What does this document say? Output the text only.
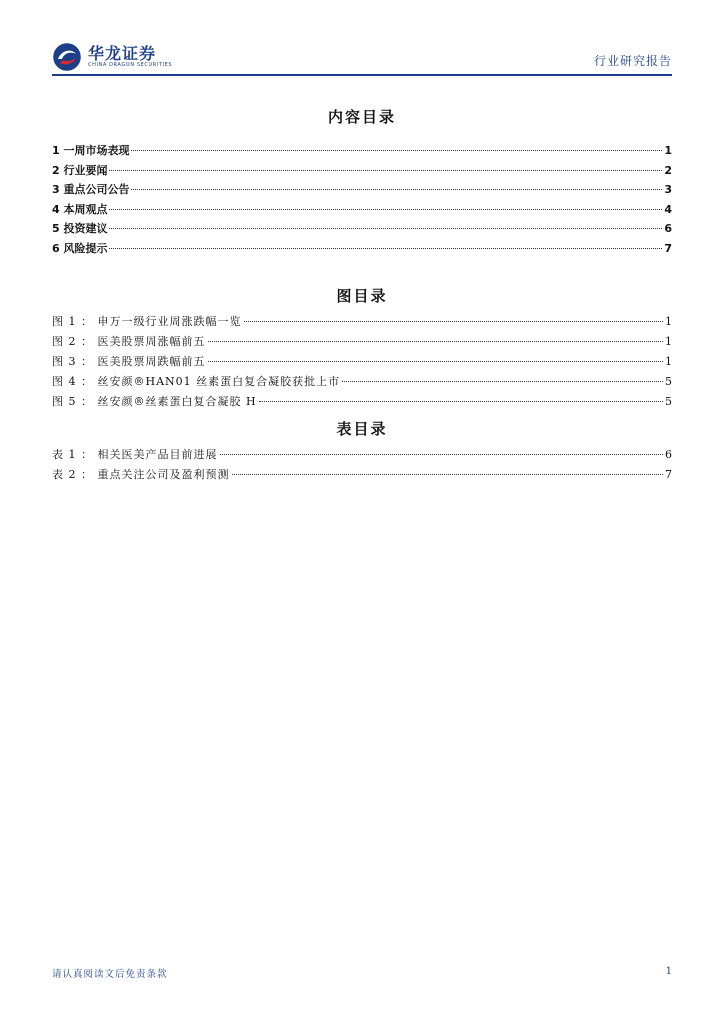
华龙证券
CHINA DRAGON SECURITIES	行业研究报告
内容目录
1 一周市场表现	1
2 行业要闻	2
3 重点公司公告	3
4 本周观点	4
5 投资建议	6
6 风险提示	7
图目录
图 1 ： 申万一级行业周涨跌幅一览	1
图 2 ： 医美股票周涨幅前五	1
图 3 ： 医美股票周跌幅前五	1
图 4 ： 丝安颜®HAN01 丝素蛋白复合凝胶获批上市	5
图 5 ： 丝安颜®丝素蛋白复合凝胶 H	5
表目录
表 1 ： 相关医美产品目前进展	6
表 2 ： 重点关注公司及盈利预测	7
请认真阅读文后免责条款	1
